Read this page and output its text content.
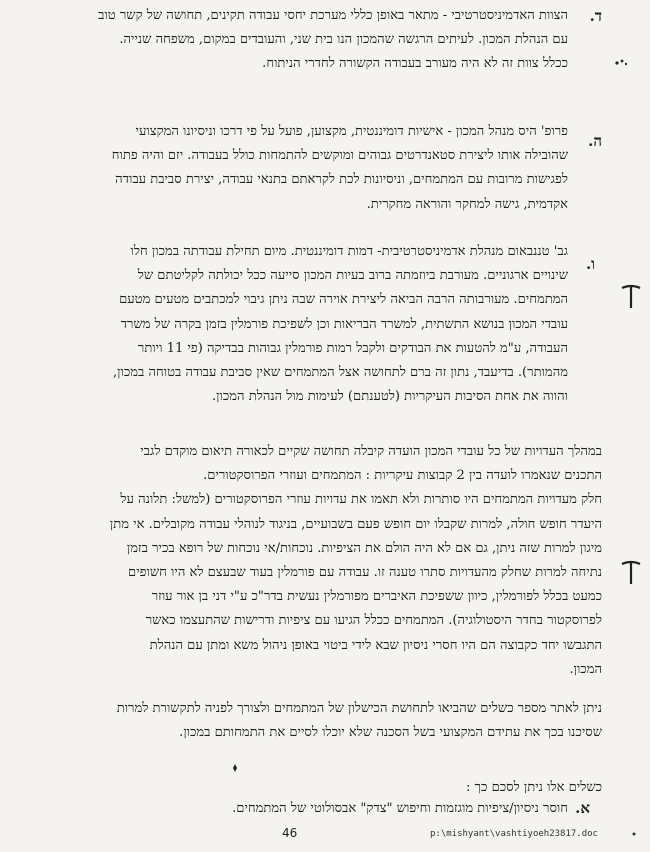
ד.
הצוות האדמיניסטרטיבי - מתאר באופן כללי מערכת יחסי עבודה תקינים, תחושה של קשר טוב
עם הנהלת המכון. לעיתים הרגשה שהמכון הנו בית שני, והעובדים במקום, משפחה שנייה.
ככלל צוות זה לא היה מעורב בעבודה הקשורה לחדרי הניתוח.
ה.
פרופ' היס מנהל המכון - אישיות דומיננטית, מקצוען, פועל על פי דרכו וניסיונו המקצועי
שהובילה אותו ליצירת סטאנדרטים גבוהים ומוקשים להתמחות כולל בעבודה. יזם והיה פתוח
לפגישות מרובות עם המתמחים, וניסיונות לכת לקראתם בתנאי עבודה, יצירת סביבת עבודה
אקדמית, גישה למחקר והוראה מחקרית.
ו.
גב' טננבאום מנהלת אדמיניסטרטיבית- דמות דומיננטית. מיום תחילת עבודתה במכון חלו
שינויים ארגוניים. מעורבת ביוזמתה ברוב בעיות המכון סייעה ככל יכולתה לקליטתם של
המתמחים. מעורבותה הרבה הביאה ליצירת אוירה שבה ניתן גיבוי למכתבים מטעים מטעם
עובדי המכון בנושא התשתית, למשרד הבריאות וכן לשפיכת פורמלין בזמן בקרה של משרד
העבודה, ע"מ להטעות את הבודקים ולקבל רמות פורמלין גבוהות בבדיקה (פי 11 ויותר
מהמותר). בדיעבד, נתון זה ברם לתחושה אצל המתמחים שאין סביבת עבודה בטוחה במכון,
והווה את אחת הסיבות העיקריות (לטענתם) לעימות מול הנהלת המכון.
במהלך העדויות של כל עובדי המכון הועדה קיבלה תחושה שקיים לכאורה תיאום מוקדם לגבי
התכנים שנאמרו לועדה בין 2 קבוצות עיקריות : המתמחים ועוזרי הפרוסקטורים.
חלק מעדויות המתמחים היו סותרות ולא תאמו את עדויות עוזרי הפרוסקטורים (למשל: תלונה על
היעדר חופש חולה, למרות שקבלו יום חופש פעם בשבועיים, בניגוד לנוהלי עבודה מקובלים. אי מתן
מיגון למרות שזה ניתן, גם אם לא היה הולם את הציפיות. נוכחות/אי נוכחות של רופא בכיר בזמן
נתיחה למרות שחלק מהעדויות סתרו טענה זו. עבודה עם פורמלין בעוד שבעצם לא היו חשופים
כמעט בכלל לפורמלין, כיוון ששפיכת האיברים מפורמלין נעשית בדר"כ ע"י דני בן אור עוזר
לפרוסקטור בחדר היסטולוגיה). המתמחים ככלל הגיעו עם ציפיות ודרישות שהתעצמו כאשר
התגבשו יחד כקבוצה הם היו חסרי ניסיון שבא לידי ביטוי באופן ניהול משא ומתן עם הנהלת
המכון.
ניתן לאתר מספר כשלים שהביאו לתחושת הכישלון של המתמחים ולצורך לפניה לתקשורת למרות
שסיכנו בכך את עתידם המקצועי בשל הסכנה שלא יוכלו לסיים את התמחותם במכון.
כשלים אלו ניתן לסכם כך :
א.
חוסר ניסיון/ציפיות מוגזמות וחיפוש "צדק" אבסולוטי של המתמחים.
46	p:\mishyant\vashtiyoeh23817.doc
